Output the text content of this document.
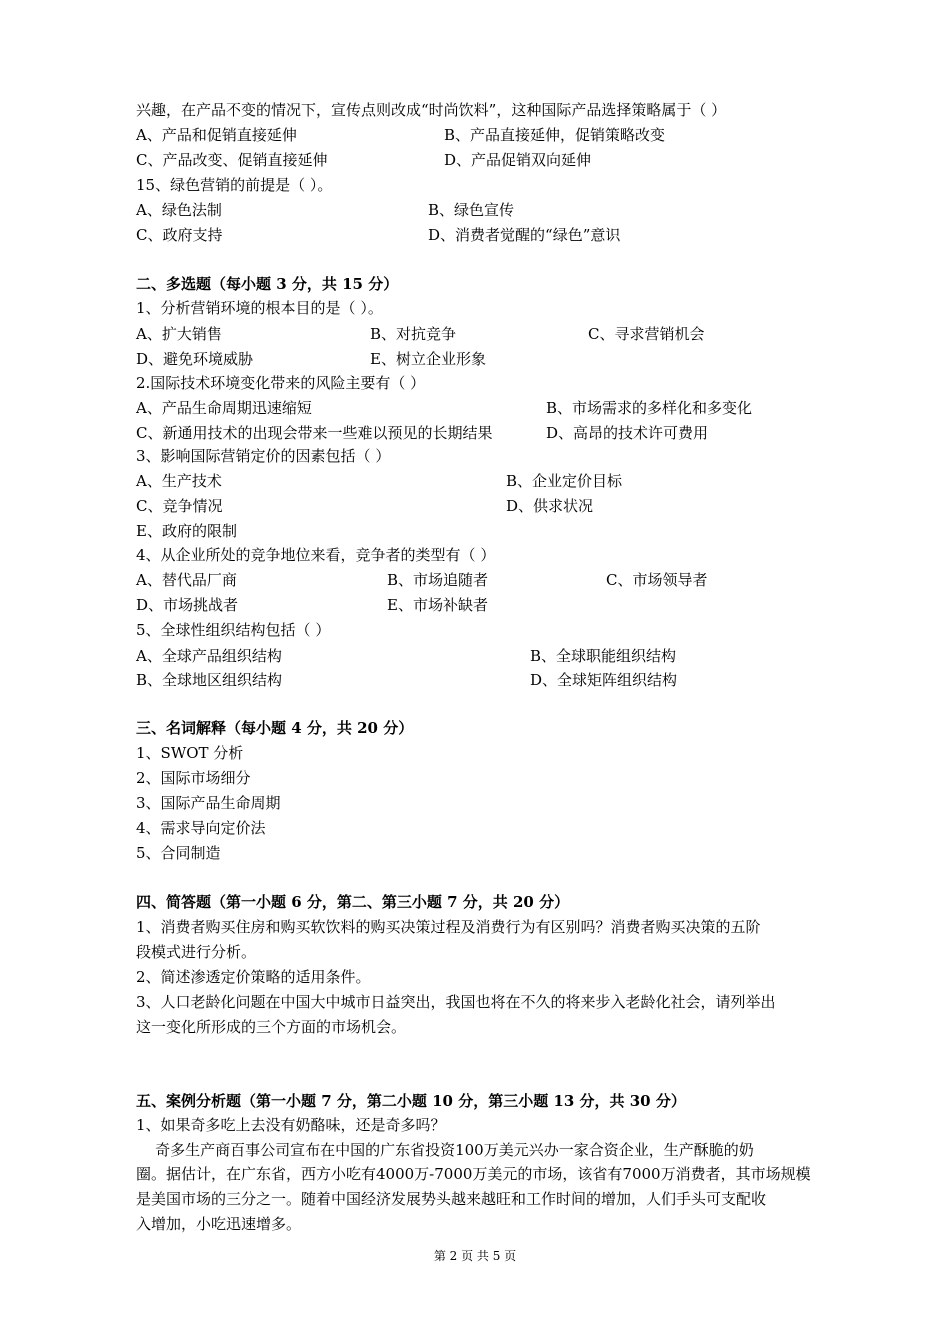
兴趣，在产品不变的情况下，宣传点则改成“时尚饮料”，这种国际产品选择策略属于（ ）
A、产品和促销直接延伸	B、产品直接延伸，促销策略改变
C、产品改变、促销直接延伸	D、产品促销双向延伸
15、绿色营销的前提是（ ）。
A、绿色法制	B、绿色宣传
C、政府支持	D、消费者觉醒的“绿色”意识
二、多选题（每小题 3 分，共 15 分）
1、分析营销环境的根本目的是（ ）。
A、扩大销售	B、对抗竞争	C、寻求营销机会
D、避免环境威胁	E、树立企业形象
2.国际技术环境变化带来的风险主要有（ ）
A、产品生命周期迅速缩短	B、市场需求的多样化和多变化
C、新通用技术的出现会带来一些难以预见的长期结果	D、高昂的技术许可费用
3、影响国际营销定价的因素包括（ ）
A、生产技术	B、企业定价目标
C、竞争情况	D、供求状况
E、政府的限制
4、从企业所处的竞争地位来看，竞争者的类型有（ ）
A、替代品厂商	B、市场追随者	C、市场领导者
D、市场挑战者	E、市场补缺者
5、全球性组织结构包括（ ）
A、全球产品组织结构	B、全球职能组织结构
B、全球地区组织结构	D、全球矩阵组织结构
三、名词解释（每小题 4 分，共 20 分）
1、SWOT 分析
2、国际市场细分
3、国际产品生命周期
4、需求导向定价法
5、合同制造
四、简答题（第一小题 6 分，第二、第三小题 7 分，共 20 分）
1、消费者购买住房和购买软饮料的购买决策过程及消费行为有区别吗？消费者购买决策的五阶
段模式进行分析。
2、简述渗透定价策略的适用条件。
3、人口老龄化问题在中国大中城市日益突出，我国也将在不久的将来步入老龄化社会，请列举出
这一变化所形成的三个方面的市场机会。
五、案例分析题（第一小题 7 分，第二小题 10 分，第三小题 13 分，共 30 分）
1、如果奇多吃上去没有奶酪味，还是奇多吗？
奇多生产商百事公司宣布在中国的广东省投资100万美元兴办一家合资企业，生产酥脆的奶
圈。据估计，在广东省，西方小吃有4000万-7000万美元的市场，该省有7000万消费者，其市场规模
是美国市场的三分之一。随着中国经济发展势头越来越旺和工作时间的增加，人们手头可支配收
入增加，小吃迅速增多。
第 2 页 共 5 页
